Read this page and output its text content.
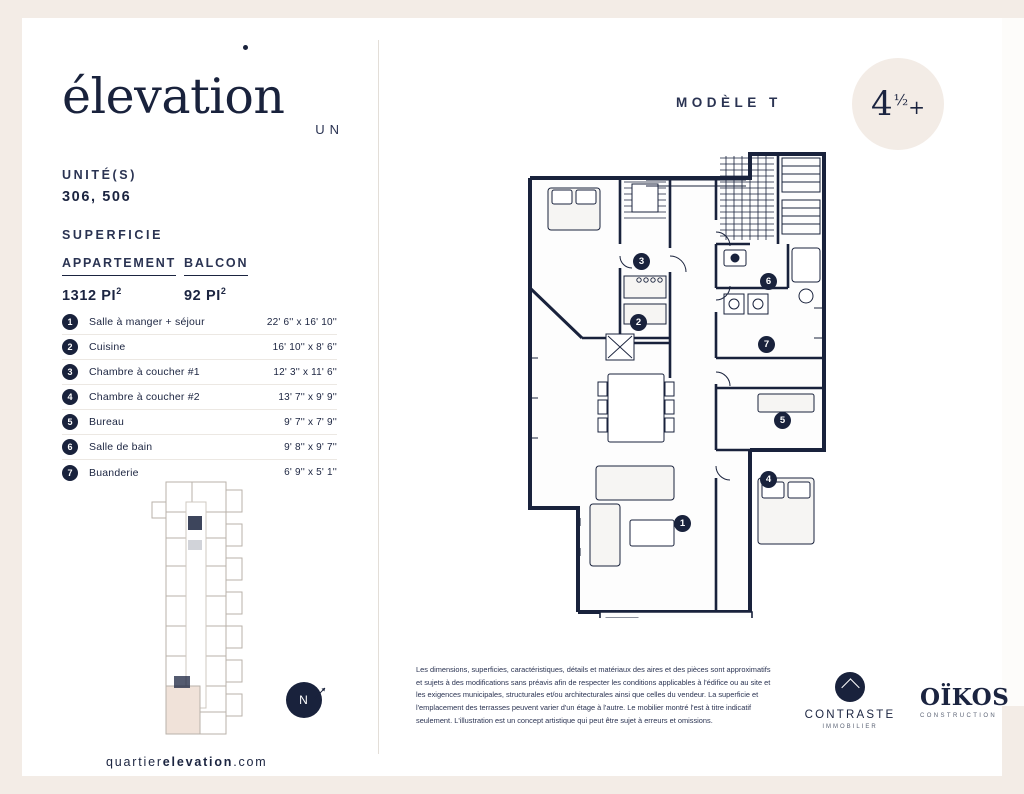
élevation
UN
UNITÉ(S)
306, 506
SUPERFICIE
APPARTEMENT
1312 $PI^2$
BALCON
92 $PI^2$
1	Salle à manger + séjour	22' 6'' x 16' 10''
2	Cuisine	16' 10'' x 8' 6''
3	Chambre à coucher #1	12' 3'' x 11' 6''
4	Chambre à coucher #2	13' 7'' x 9' 9''
5	Bureau	9' 7'' x 7' 9''
6	Salle de bain	9' 8'' x 9' 7''
7	Buanderie	6' 9'' x 5' 1''
N
quartierelevation.com
MODÈLE T	4 ½ +
1
2
3
4
5
6
7
Les dimensions, superficies, caractéristiques, détails et matériaux des aires et des pièces sont approximatifs et sujets à des modifications sans préavis afin de respecter les conditions applicables à l'édifice ou au site et les exigences municipales, structurales et/ou architecturales ainsi que celles du vendeur. La superficie et l'emplacement des terrasses peuvent varier d'un étage à l'autre. Le mobilier montré l'est à titre indicatif seulement. L'illustration est un concept artistique qui peut être sujet à erreurs et omissions.	CONTRASTE
IMMOBILIER
OÏKOS
CONSTRUCTION
